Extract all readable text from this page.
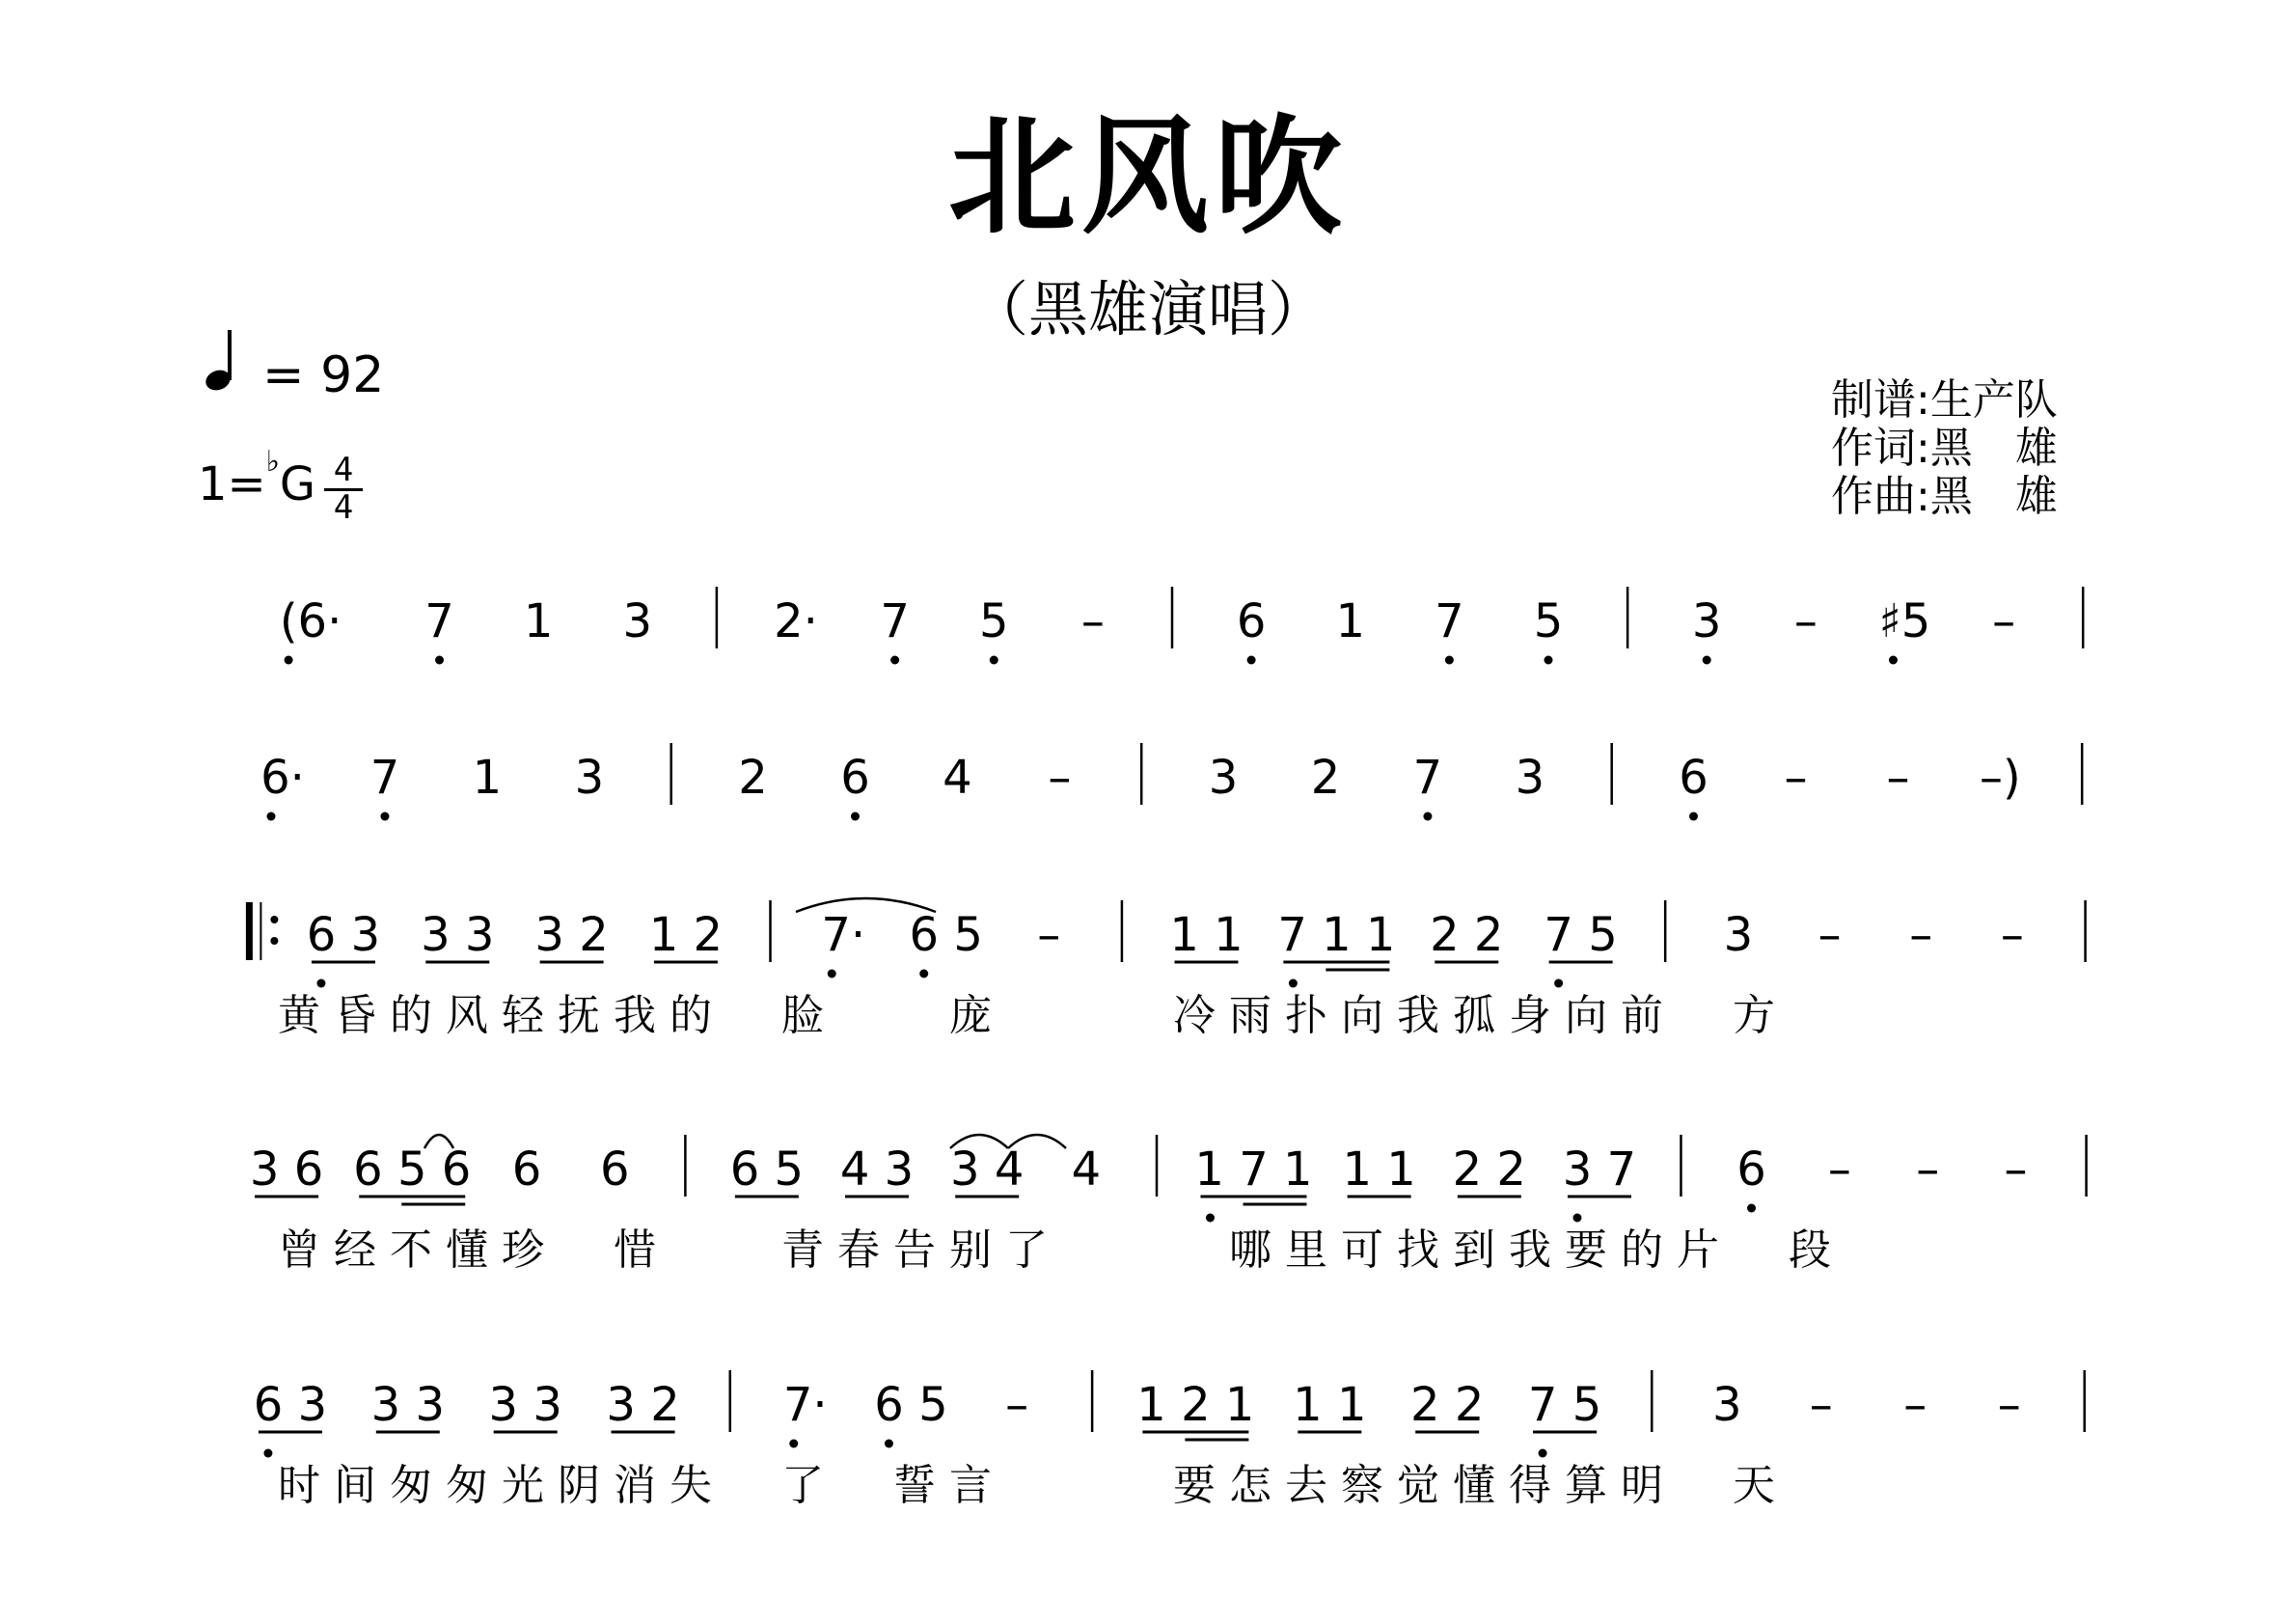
北风吹
（黑雄演唱）
= 92
$1=^♭G \frac{4}{4}$
制谱:生产队
作词:黑　雄
作曲:黑　雄
(6· 7 1 3	2· 7 5 –	6 1 7 5	3 – ♯5 –
6· 7 1 3	2 6 4 –	3 2 7 3	6 – – –)
6 3 3 3 3 2 1 2 7· 6 5 – 1 1 7 1 1 2 2 7 5 3 – – –
黄昏的风轻抚我的　脸　　庞　　　冷雨扑向我孤身向前　方
3 6 6 5 6 6 6 6 5 4 3 3 4 4 1 7 1 1 1 2 2 3 7 6 – – –
曾经不懂珍　惜　　青春告别了　　　哪里可找到我要的片　段
6 3 3 3 3 3 3 2 7· 6 5 – 1 2 1 1 1 2 2 7 5 3 – – –
时间匆匆光阴消失　了　誓言　　　要怎去察觉懂得算明　天
